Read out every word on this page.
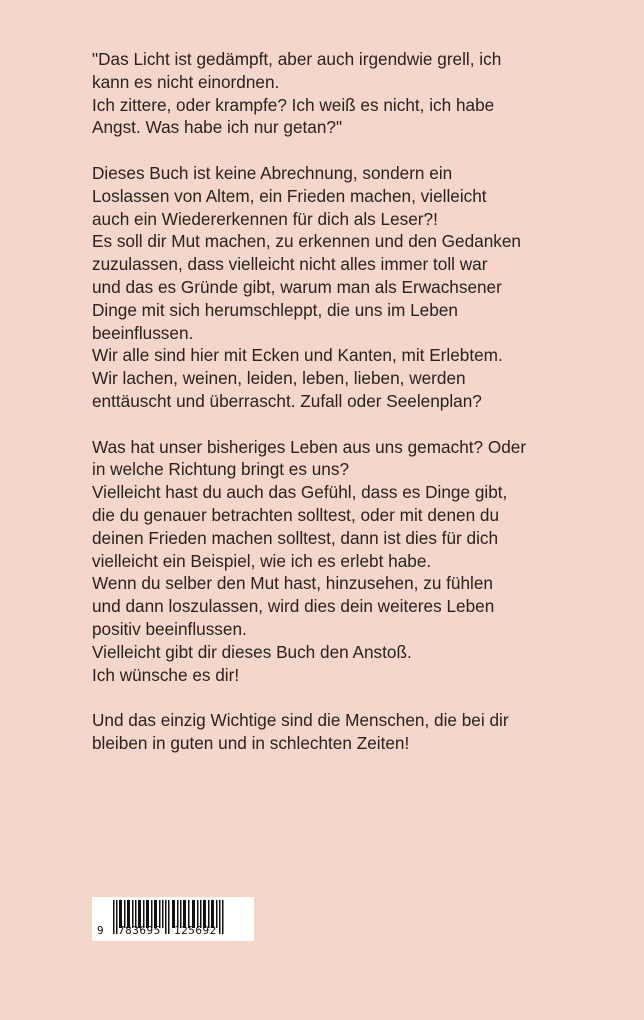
"Das Licht ist gedämpft, aber auch irgendwie grell, ich
kann es nicht einordnen.
Ich zittere, oder krampfe? Ich weiß es nicht, ich habe
Angst. Was habe ich nur getan?"
Dieses Buch ist keine Abrechnung, sondern ein
Loslassen von Altem, ein Frieden machen, vielleicht
auch ein Wiedererkennen für dich als Leser?!
Es soll dir Mut machen, zu erkennen und den Gedanken
zuzulassen, dass vielleicht nicht alles immer toll war
und das es Gründe gibt, warum man als Erwachsener
Dinge mit sich herumschleppt, die uns im Leben
beeinflussen.
Wir alle sind hier mit Ecken und Kanten, mit Erlebtem.
Wir lachen, weinen, leiden, leben, lieben, werden
enttäuscht und überrascht. Zufall oder Seelenplan?
Was hat unser bisheriges Leben aus uns gemacht? Oder
in welche Richtung bringt es uns?
Vielleicht hast du auch das Gefühl, dass es Dinge gibt,
die du genauer betrachten solltest, oder mit denen du
deinen Frieden machen solltest, dann ist dies für dich
vielleicht ein Beispiel, wie ich es erlebt habe.
Wenn du selber den Mut hast, hinzusehen, zu fühlen
und dann loszulassen, wird dies dein weiteres Leben
positiv beeinflussen.
Vielleicht gibt dir dieses Buch den Anstoß.
Ich wünsche es dir!
Und das einzig Wichtige sind die Menschen, die bei dir
bleiben in guten und in schlechten Zeiten!
9 783695 125692
